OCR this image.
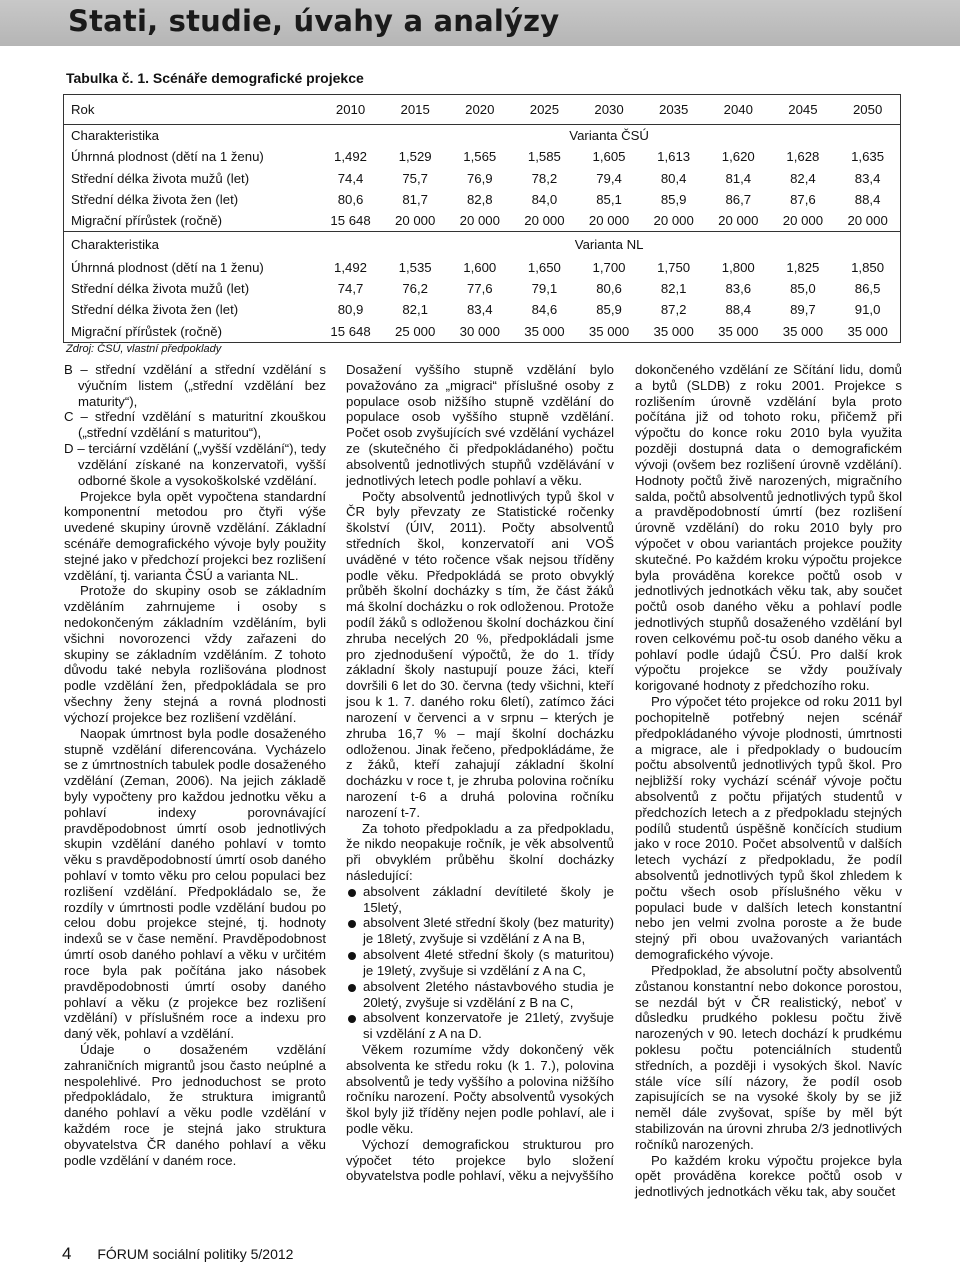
Stati, studie, úvahy a analýzy
Tabulka č. 1. Scénáře demografické projekce
Rok	2010	2015	2020	2025	2030	2035	2040	2045	2050
Charakteristika	Varianta ČSÚ								
Úhrnná plodnost (dětí na 1 ženu)	1,492	1,529	1,565	1,585	1,605	1,613	1,620	1,628	1,635
Střední délka života mužů (let)	74,4	75,7	76,9	78,2	79,4	80,4	81,4	82,4	83,4
Střední délka života žen (let)	80,6	81,7	82,8	84,0	85,1	85,9	86,7	87,6	88,4
Migrační přírůstek (ročně)	15 648	20 000	20 000	20 000	20 000	20 000	20 000	20 000	20 000
Charakteristika	Varianta NL								
Úhrnná plodnost (dětí na 1 ženu)	1,492	1,535	1,600	1,650	1,700	1,750	1,800	1,825	1,850
Střední délka života mužů (let)	74,7	76,2	77,6	79,1	80,6	82,1	83,6	85,0	86,5
Střední délka života žen (let)	80,9	82,1	83,4	84,6	85,9	87,2	88,4	89,7	91,0
Migrační přírůstek (ročně)	15 648	25 000	30 000	35 000	35 000	35 000	35 000	35 000	35 000
Zdroj: ČSÚ, vlastní předpoklady

B – střední vzdělání a střední vzdělání s výučním listem („střední vzdělání bez maturity“),

C – střední vzdělání s maturitní zkouškou („střední vzdělání s maturitou“),

D – terciární vzdělání („vyšší vzdělání“), tedy vzdělání získané na konzervatoři, vyšší odborné škole a vysokoškolské vzdělání.

Projekce byla opět vypočtena standardní komponentní metodou pro čtyři výše uvedené skupiny úrovně vzdělání. Základní scénáře demografického vývoje byly použity stejné jako v předchozí projekci bez rozlišení vzdělání, tj. varianta ČSÚ a varianta NL.

Protože do skupiny osob se základním vzděláním zahrnujeme i osoby s nedokončeným základním vzděláním, byli všichni novorozenci vždy zařazeni do skupiny se základním vzděláním. Z tohoto důvodu také nebyla rozlišována plodnost podle vzdělání žen, předpokládala se pro všechny ženy stejná a rovná plodnosti výchozí projekce bez rozlišení vzdělání.

Naopak úmrtnost byla podle dosaženého stupně vzdělání diferencována. Vycházelo se z úmrtnostních tabulek podle dosaženého vzdělání (Zeman, 2006). Na jejich základě byly vypočteny pro každou jednotku věku a pohlaví indexy porovnávající pravděpodobnost úmrtí osob jednotlivých skupin vzdělání daného pohlaví v tomto věku s pravděpodobností úmrtí osob daného pohlaví v tomto věku pro celou populaci bez rozlišení vzdělání. Předpokládalo se, že rozdíly v úmrtnosti podle vzdělání budou po celou dobu projekce stejné, tj. hodnoty indexů se v čase nemění. Pravděpodobnost úmrtí osob daného pohlaví a věku v určitém roce byla pak počítána jako násobek pravděpodobnosti úmrtí osoby daného pohlaví a věku (z projekce bez rozlišení vzdělání) v příslušném roce a indexu pro daný věk, pohlaví a vzdělání.

Údaje o dosaženém vzdělání zahraničních migrantů jsou často neúplné a nespolehlivé. Pro jednoduchost se proto předpokládalo, že struktura imigrantů daného pohlaví a věku podle vzdělání v každém roce je stejná jako struktura obyvatelstva ČR daného pohlaví a věku podle vzdělání v daném roce.

Dosažení vyššího stupně vzdělání bylo považováno za „migraci“ příslušné osoby z populace osob nižšího stupně vzdělání do populace osob vyššího stupně vzdělání. Počet osob zvyšujících své vzdělání vycházel ze (skutečného či předpokládaného) počtu absolventů jednotlivých stupňů vzdělávání v jednotlivých letech podle pohlaví a věku.

Počty absolventů jednotlivých typů škol v ČR byly převzaty ze Statistické ročenky školství (ÚIV, 2011). Počty absolventů středních škol, konzervatoří ani VOŠ uváděné v této ročence však nejsou tříděny podle věku. Předpokládá se proto obvyklý průběh školní docházky s tím, že část žáků má školní docházku o rok odloženou. Protože podíl žáků s odloženou školní docházkou činí zhruba necelých 20 %, předpokládali jsme pro zjednodušení výpočtů, že do 1. třídy základní školy nastupují pouze žáci, kteří dovršili 6 let do 30. června (tedy všichni, kteří jsou k 1. 7. daného roku 6letí), zatímco žáci narození v červenci a v srpnu – kterých je zhruba 16,7 % – mají školní docházku odloženou. Jinak řečeno, předpokládáme, že z žáků, kteří zahajují základní školní docházku v roce t, je zhruba polovina ročníku narození t-6 a druhá polovina ročníku narození t-7.

Za tohoto předpokladu a za předpokladu, že nikdo neopakuje ročník, je věk absolventů při obvyklém průběhu školní docházky následující:

absolvent základní devítileté školy je 15letý,
absolvent 3leté střední školy (bez maturity) je 18letý, zvyšuje si vzdělání z A na B,
absolvent 4leté střední školy (s maturitou) je 19letý, zvyšuje si vzdělání z A na C,
absolvent 2letého nástavbového studia je 20letý, zvyšuje si vzdělání z B na C,
absolvent konzervatoře je 21letý, zvyšuje si vzdělání z A na D.

Věkem rozumíme vždy dokončený věk absolventa ke středu roku (k 1. 7.), polovina absolventů je tedy vyššího a polovina nižšího ročníku narození. Počty absolventů vysokých škol byly již tříděny nejen podle pohlaví, ale i podle věku.

Výchozí demografickou strukturou pro výpočet této projekce bylo složení obyvatelstva podle pohlaví, věku a nejvyššího

dokončeného vzdělání ze Sčítání lidu, domů a bytů (SLDB) z roku 2001. Projekce s rozlišením úrovně vzdělání byla proto počítána již od tohoto roku, přičemž při výpočtu do konce roku 2010 byla využita později dostupná data o demografickém vývoji (ovšem bez rozlišení úrovně vzdělání). Hodnoty počtů živě narozených, migračního salda, počtů absolventů jednotlivých typů škol a pravděpodobností úmrtí (bez rozlišení úrovně vzdělání) do roku 2010 byly pro výpočet v obou variantách projekce použity skutečné. Po každém kroku výpočtu projekce byla prováděna korekce počtů osob v jednotlivých jednotkách věku tak, aby součet počtů osob daného věku a pohlaví podle jednotlivých stupňů dosaženého vzdělání byl roven celkovému poč-tu osob daného věku a pohlaví podle údajů ČSÚ. Pro další krok výpočtu projekce se vždy používaly korigované hodnoty z předchozího roku.

Pro výpočet této projekce od roku 2011 byl pochopitelně potřebný nejen scénář předpokládaného vývoje plodnosti, úmrtnosti a migrace, ale i předpoklady o budoucím počtu absolventů jednotlivých typů škol. Pro nejbližší roky vychází scénář vývoje počtu absolventů z počtu přijatých studentů v předchozích letech a z předpokladu stejných podílů studentů úspěšně končících studium jako v roce 2010. Počet absolventů v dalších letech vychází z předpokladu, že podíl absolventů jednotlivých typů škol zhledem k počtu všech osob příslušného věku v populaci bude v dalších letech konstantní nebo jen velmi zvolna poroste a že bude stejný při obou uvažovaných variantách demografického vývoje.

Předpoklad, že absolutní počty absolventů zůstanou konstantní nebo dokonce porostou, se nezdál být v ČR realistický, neboť v důsledku prudkého poklesu počtu živě narozených v 90. letech dochází k prudkému poklesu počtu potenciálních studentů středních, a později i vysokých škol. Navíc stále více sílí názory, že podíl osob zapisujících se na vysoké školy by se již neměl dále zvyšovat, spíše by měl být stabilizován na úrovni zhruba 2/3 jednotlivých ročníků narozených.

Po každém kroku výpočtu projekce byla opět prováděna korekce počtů osob v jednotlivých jednotkách věku tak, aby součet

4 FÓRUM sociální politiky 5/2012
